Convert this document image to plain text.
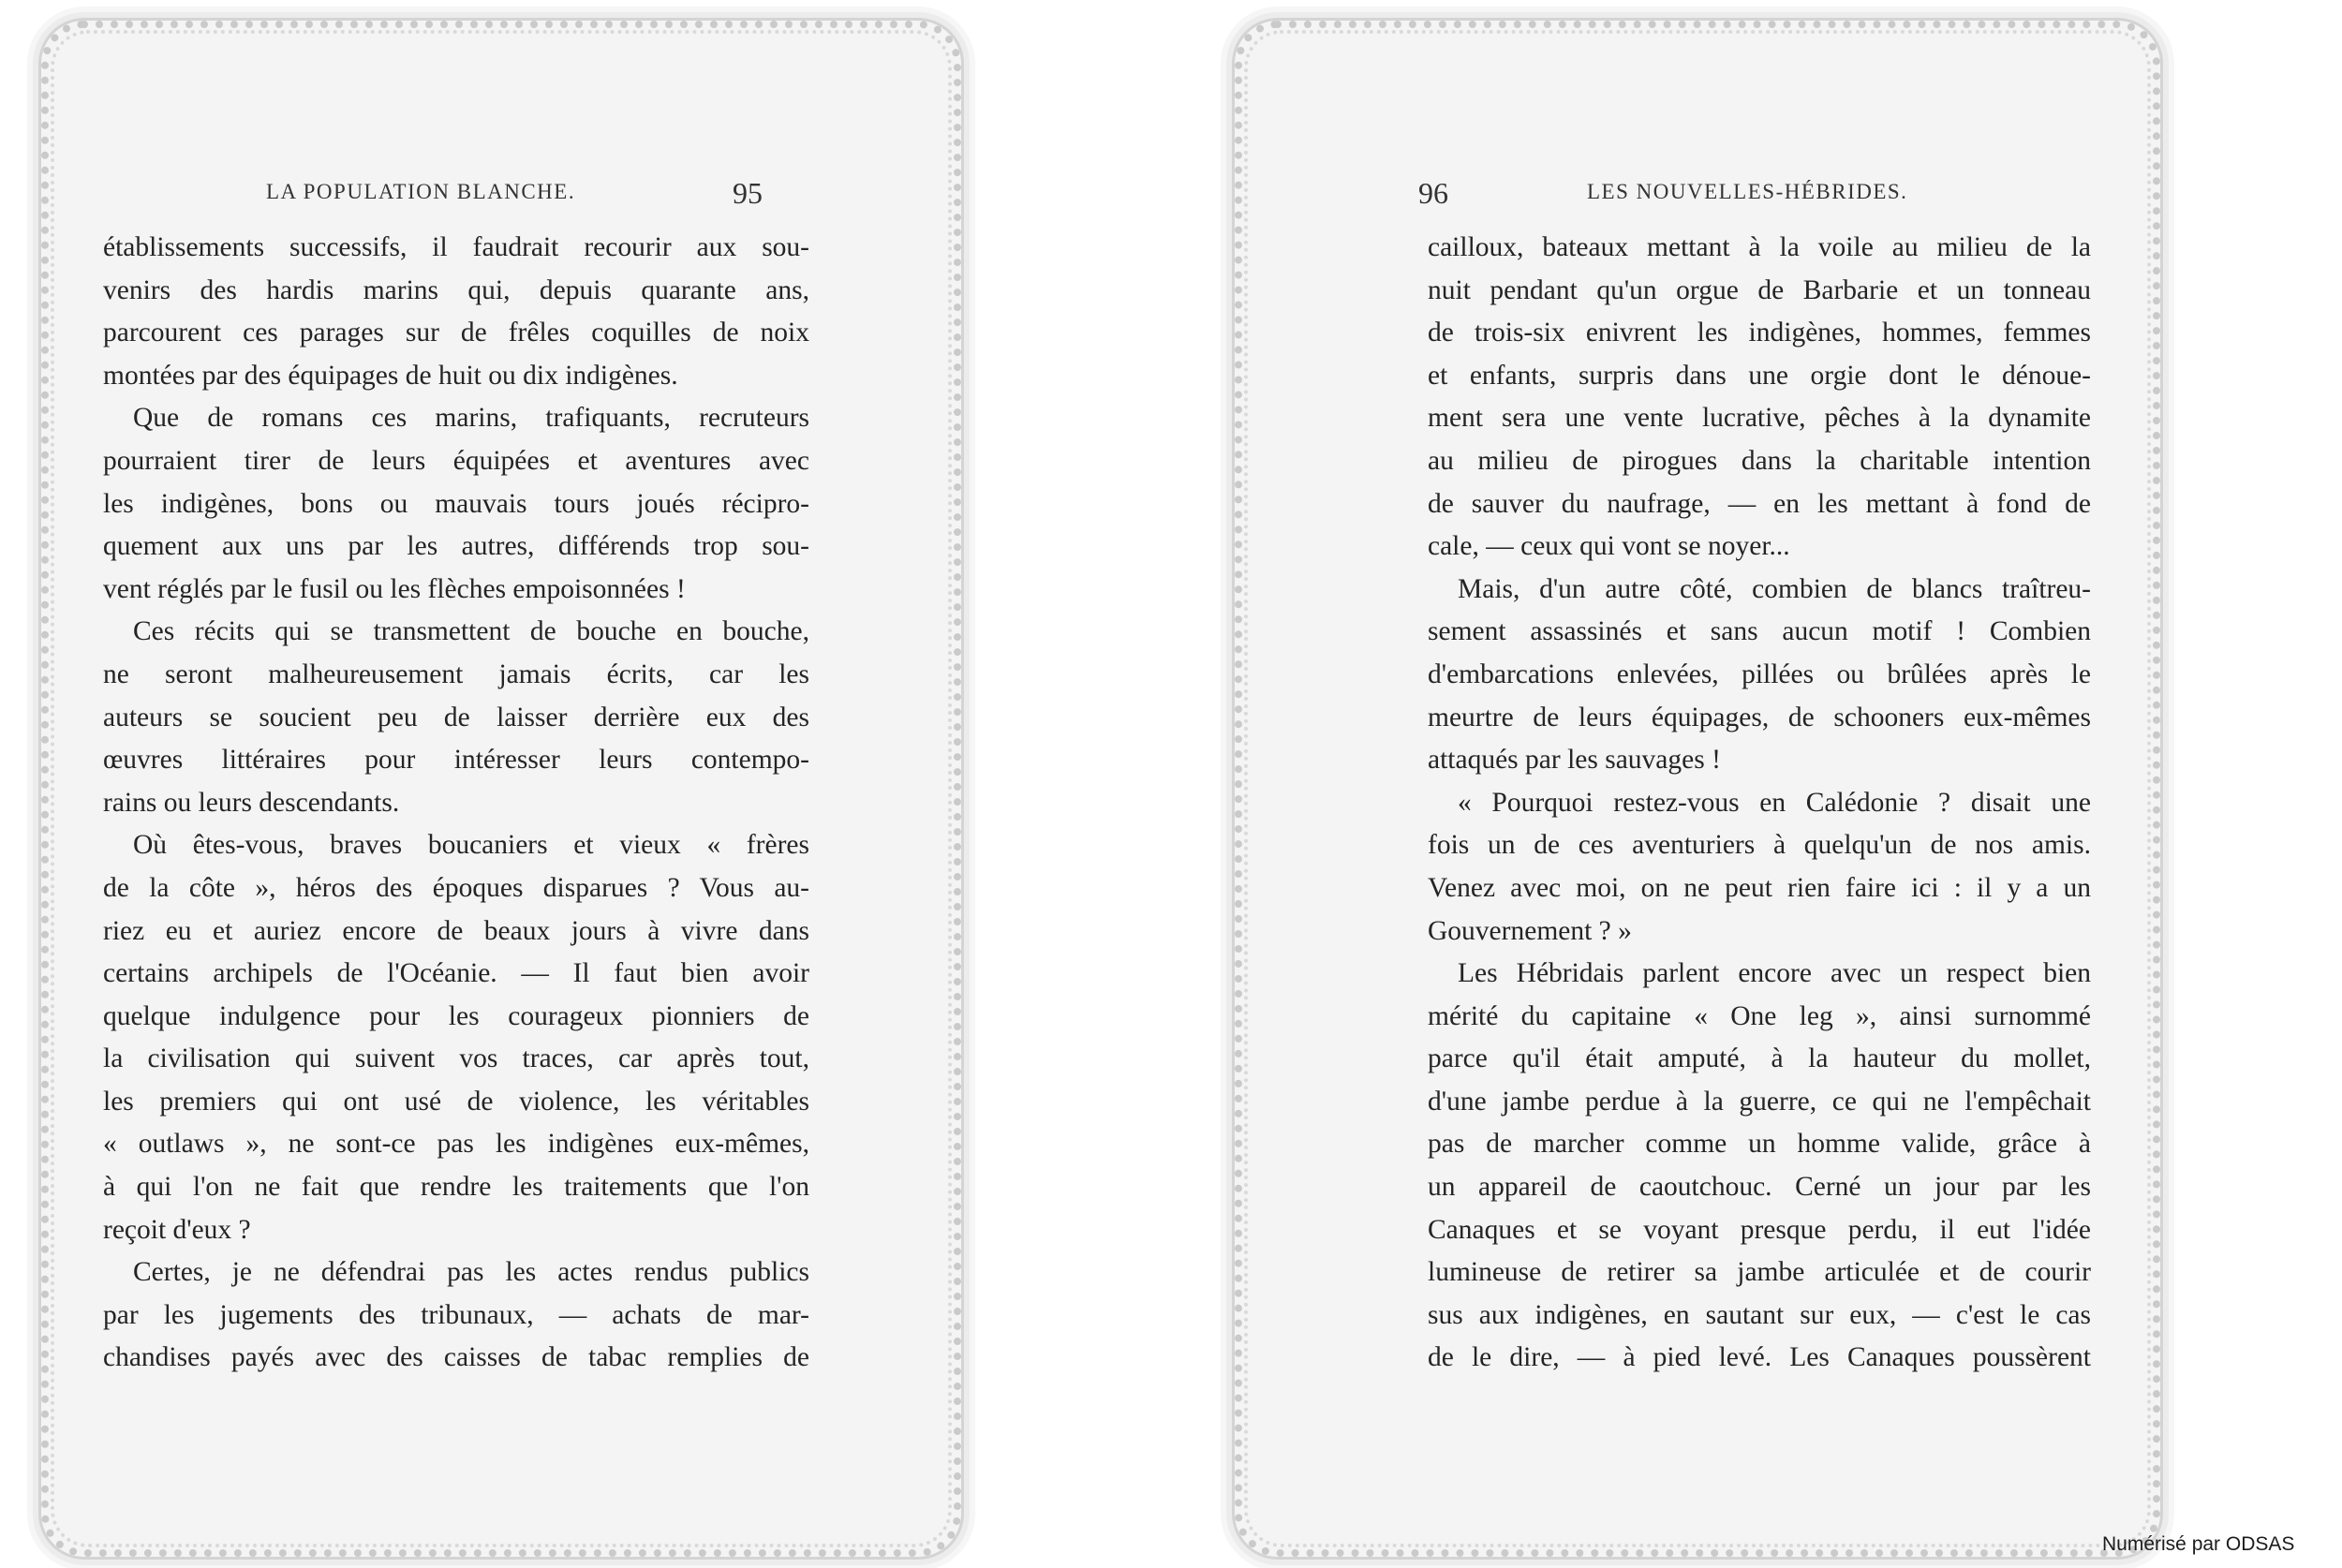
LA POPULATION BLANCHE.	95

établissements successifs, il faudrait recourir aux sou-

venirs des hardis marins qui, depuis quarante ans,

parcourent ces parages sur de frêles coquilles de noix

montées par des équipages de huit ou dix indigènes.

Que de romans ces marins, trafiquants, recruteurs

pourraient tirer de leurs équipées et aventures avec

les indigènes, bons ou mauvais tours joués récipro-

quement aux uns par les autres, différends trop sou-

vent réglés par le fusil ou les flèches empoisonnées !

Ces récits qui se transmettent de bouche en bouche,

ne seront malheureusement jamais écrits, car les

auteurs se soucient peu de laisser derrière eux des

œuvres littéraires pour intéresser leurs contempo-

rains ou leurs descendants.

Où êtes-vous, braves boucaniers et vieux « frères

de la côte », héros des époques disparues ? Vous au-

riez eu et auriez encore de beaux jours à vivre dans

certains archipels de l'Océanie. — Il faut bien avoir

quelque indulgence pour les courageux pionniers de

la civilisation qui suivent vos traces, car après tout,

les premiers qui ont usé de violence, les véritables

« outlaws », ne sont-ce pas les indigènes eux-mêmes,

à qui l'on ne fait que rendre les traitements que l'on

reçoit d'eux ?

Certes, je ne défendrai pas les actes rendus publics

par les jugements des tribunaux, — achats de mar-

chandises payés avec des caisses de tabac remplies de

96	LES NOUVELLES-HÉBRIDES.

cailloux, bateaux mettant à la voile au milieu de la

nuit pendant qu'un orgue de Barbarie et un tonneau

de trois-six enivrent les indigènes, hommes, femmes

et enfants, surpris dans une orgie dont le dénoue-

ment sera une vente lucrative, pêches à la dynamite

au milieu de pirogues dans la charitable intention

de sauver du naufrage, — en les mettant à fond de

cale, — ceux qui vont se noyer...

Mais, d'un autre côté, combien de blancs traîtreu-

sement assassinés et sans aucun motif ! Combien

d'embarcations enlevées, pillées ou brûlées après le

meurtre de leurs équipages, de schooners eux-mêmes

attaqués par les sauvages !

« Pourquoi restez-vous en Calédonie ? disait une

fois un de ces aventuriers à quelqu'un de nos amis.

Venez avec moi, on ne peut rien faire ici : il y a un

Gouvernement ? »

Les Hébridais parlent encore avec un respect bien

mérité du capitaine « One leg », ainsi surnommé

parce qu'il était amputé, à la hauteur du mollet,

d'une jambe perdue à la guerre, ce qui ne l'empêchait

pas de marcher comme un homme valide, grâce à

un appareil de caoutchouc. Cerné un jour par les

Canaques et se voyant presque perdu, il eut l'idée

lumineuse de retirer sa jambe articulée et de courir

sus aux indigènes, en sautant sur eux, — c'est le cas

de le dire, — à pied levé. Les Canaques poussèrent

Numérisé par ODSAS
